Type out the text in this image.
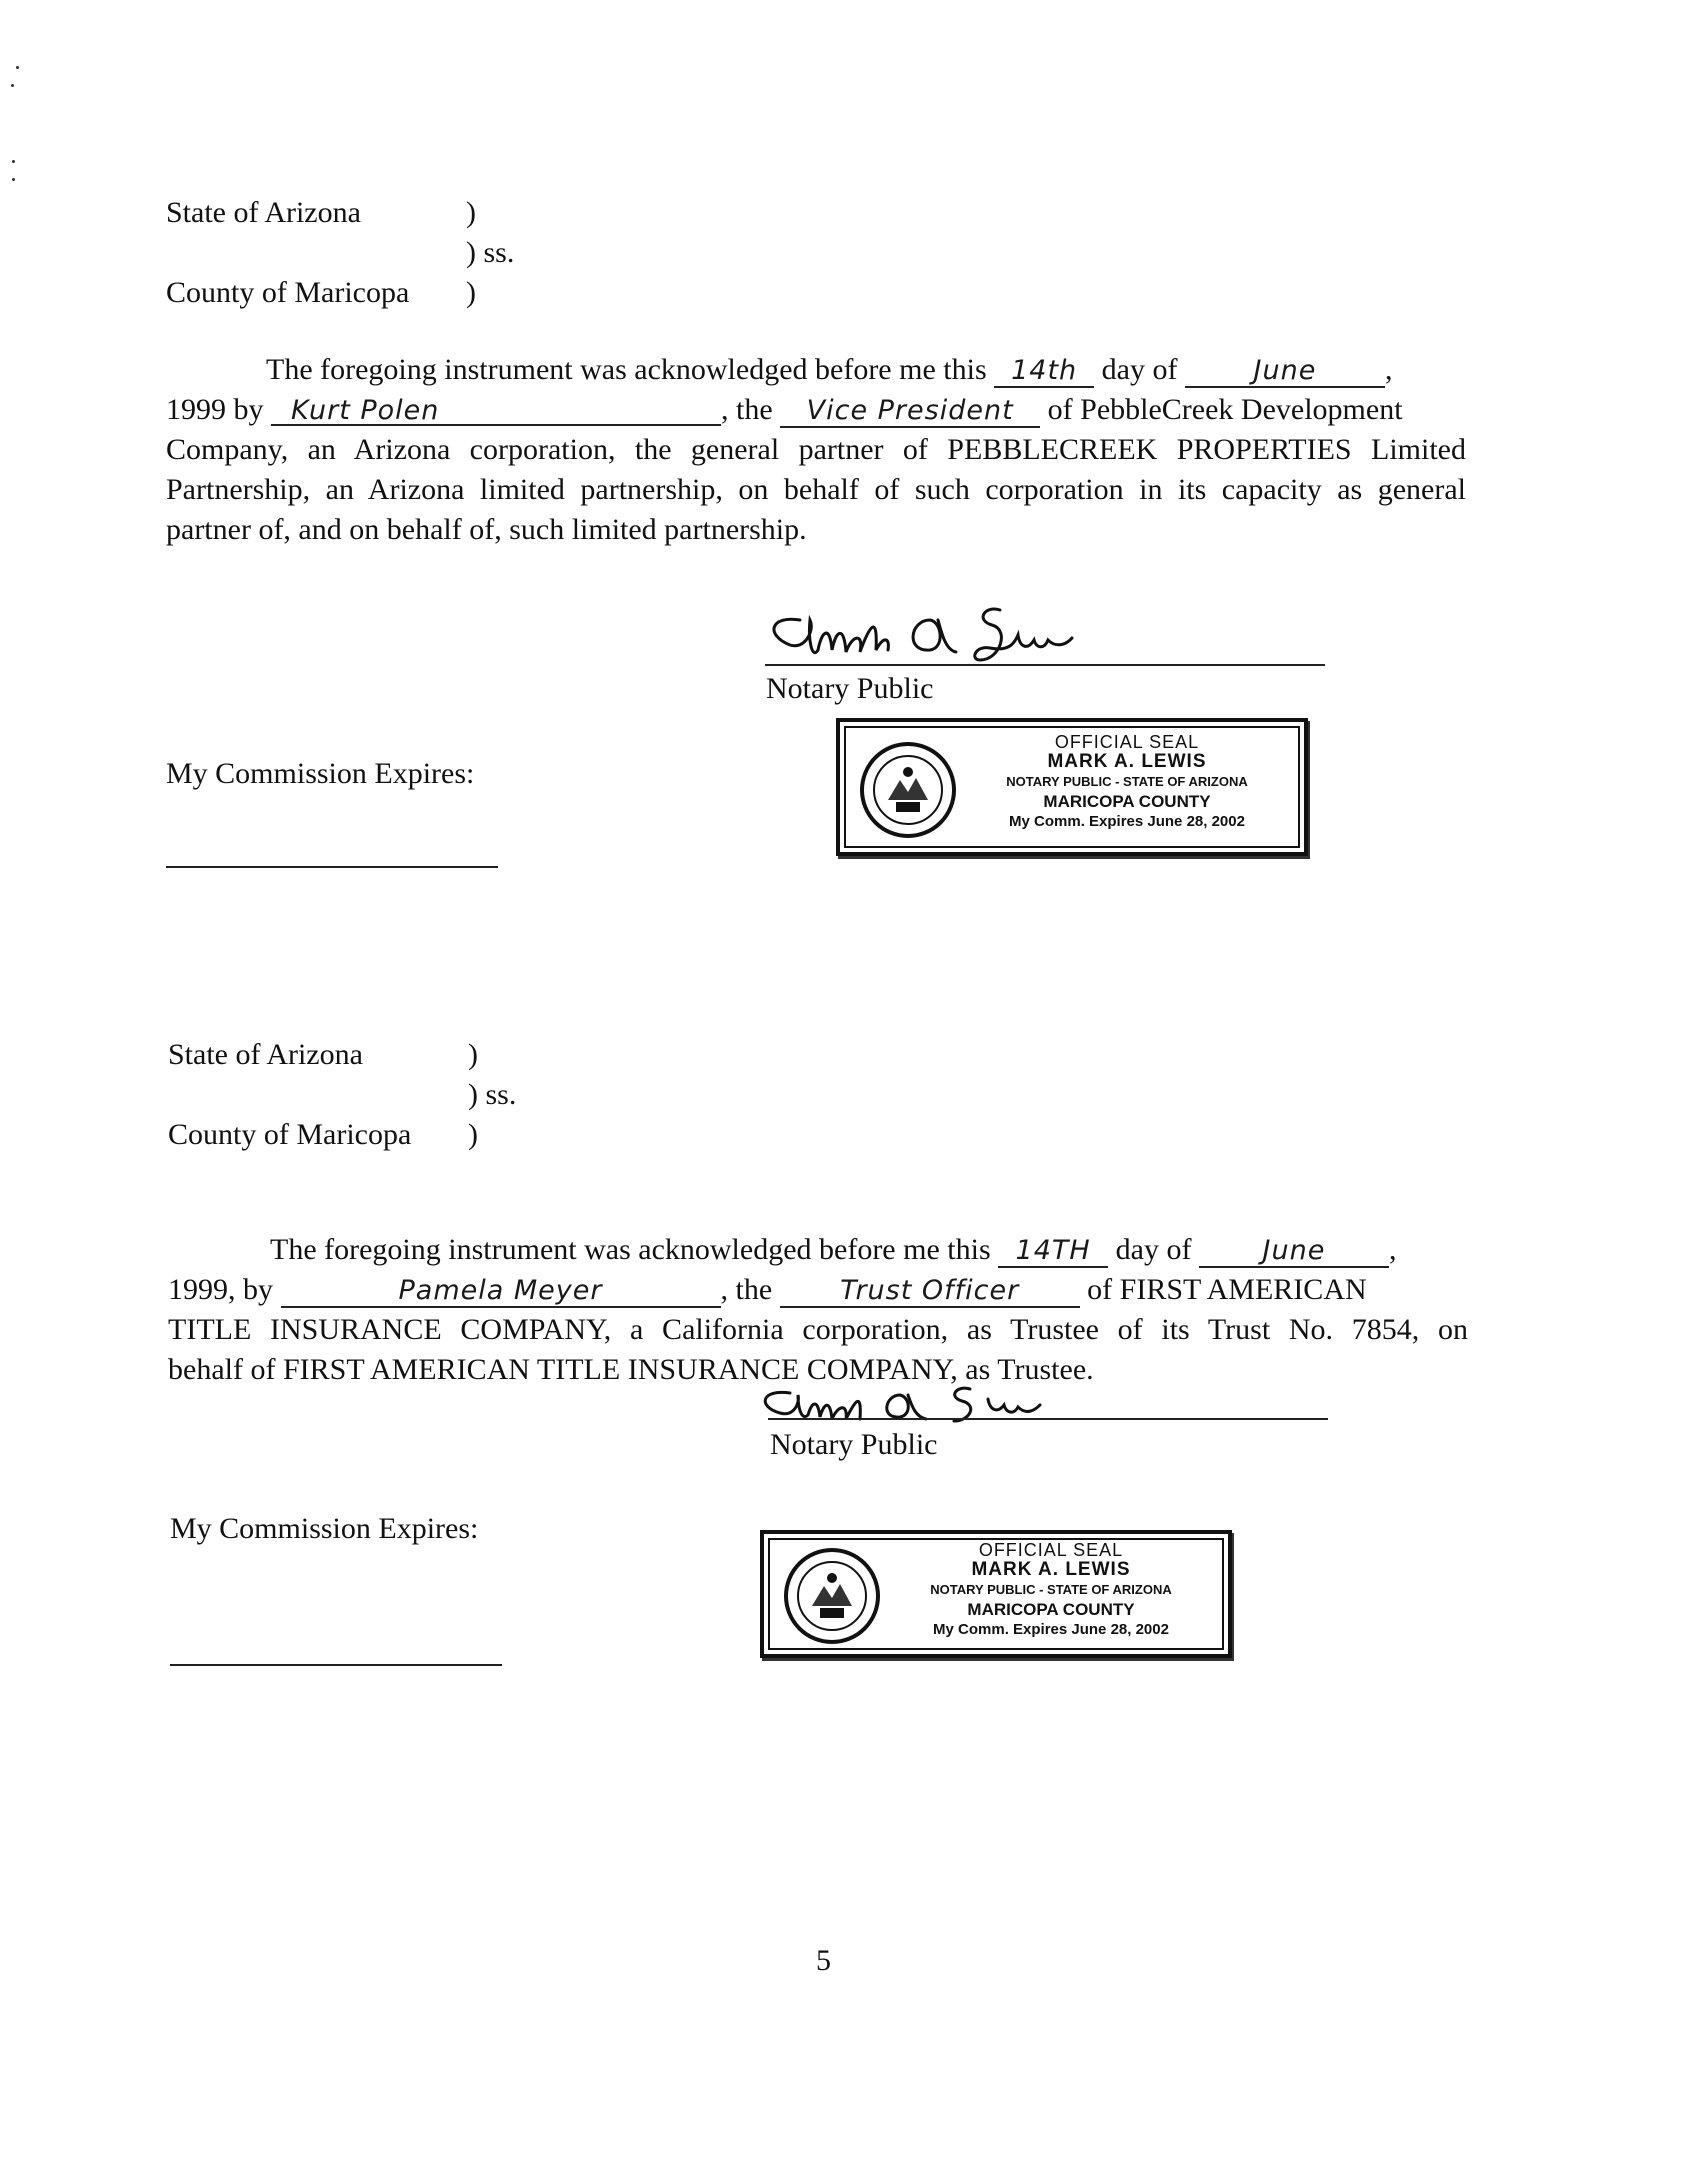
State of Arizona	)
) ss.
County of Maricopa )
The foregoing instrument was acknowledged before me this 14th day of	June ,
1999 by Kurt Polen	, the Vice President of PebbleCreek Development
Company, an Arizona corporation, the general partner of PEBBLECREEK PROPERTIES Limited
Partnership, an Arizona limited partnership, on behalf of such corporation in its capacity as general
partner of, and on behalf of, such limited partnership.
Notary Public
My Commission Expires:
OFFICIAL SEAL
MARK A. LEWIS
NOTARY PUBLIC - STATE OF ARIZONA
MARICOPA COUNTY
My Comm. Expires June 28, 2002
State of Arizona	)
) ss.
County of Maricopa )
The foregoing instrument was acknowledged before me this 14TH day of	June ,
1999, by	Pamela Meyer	, the	Trust Officer of FIRST AMERICAN
TITLE INSURANCE COMPANY, a California corporation, as Trustee of its Trust No. 7854, on
behalf of FIRST AMERICAN TITLE INSURANCE COMPANY, as Trustee.
Notary Public
My Commission Expires:
OFFICIAL SEAL
MARK A. LEWIS
NOTARY PUBLIC - STATE OF ARIZONA
MARICOPA COUNTY
My Comm. Expires June 28, 2002
5
